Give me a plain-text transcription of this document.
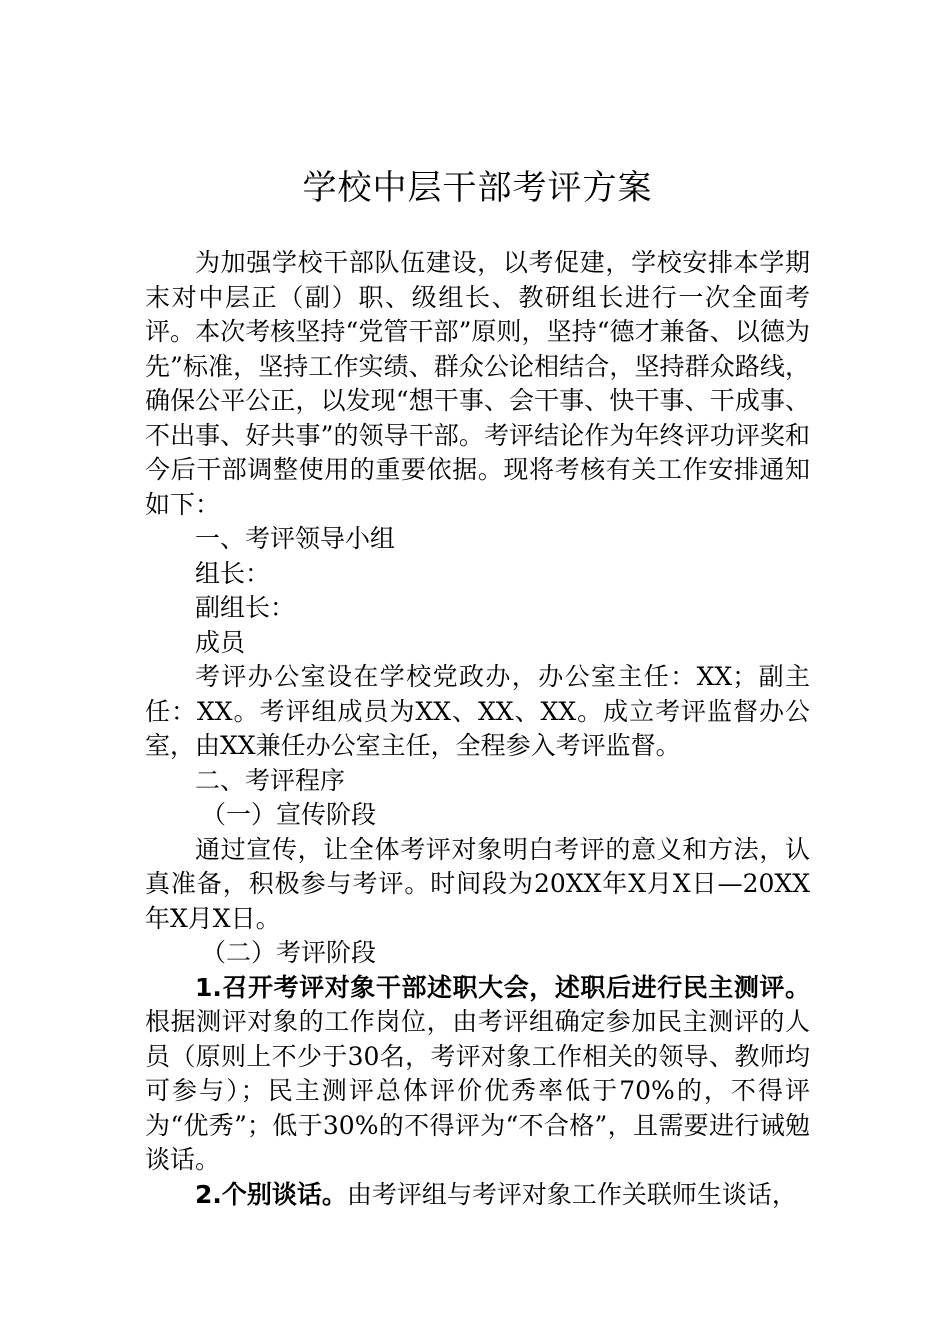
学校中层干部考评方案

为加强学校干部队伍建设，以考促建，学校安排本学期末对中层正（副）职、级组长、教研组长进行一次全面考评。本次考核坚持“党管干部”原则，坚持“德才兼备、以德为先”标准，坚持工作实绩、群众公论相结合，坚持群众路线，确保公平公正，以发现“想干事、会干事、快干事、干成事、不出事、好共事”的领导干部。考评结论作为年终评功评奖和今后干部调整使用的重要依据。现将考核有关工作安排通知如下：

一、考评领导小组

组长：

副组长：

成员

考评办公室设在学校党政办，办公室主任：XX；副主任：XX。考评组成员为XX、XX、XX。成立考评监督办公室，由XX兼任办公室主任，全程参入考评监督。

二、考评程序

（一）宣传阶段

通过宣传，让全体考评对象明白考评的意义和方法，认真准备，积极参与考评。时间段为20XX年X月X日—20XX年X月X日。

（二）考评阶段

1.召开考评对象干部述职大会，述职后进行民主测评。根据测评对象的工作岗位，由考评组确定参加民主测评的人员（原则上不少于30名，考评对象工作相关的领导、教师均可参与）；民主测评总体评价优秀率低于70%的，不得评为“优秀”；低于30%的不得评为“不合格”，且需要进行诫勉谈话。

2.个别谈话。由考评组与考评对象工作关联师生谈话，
